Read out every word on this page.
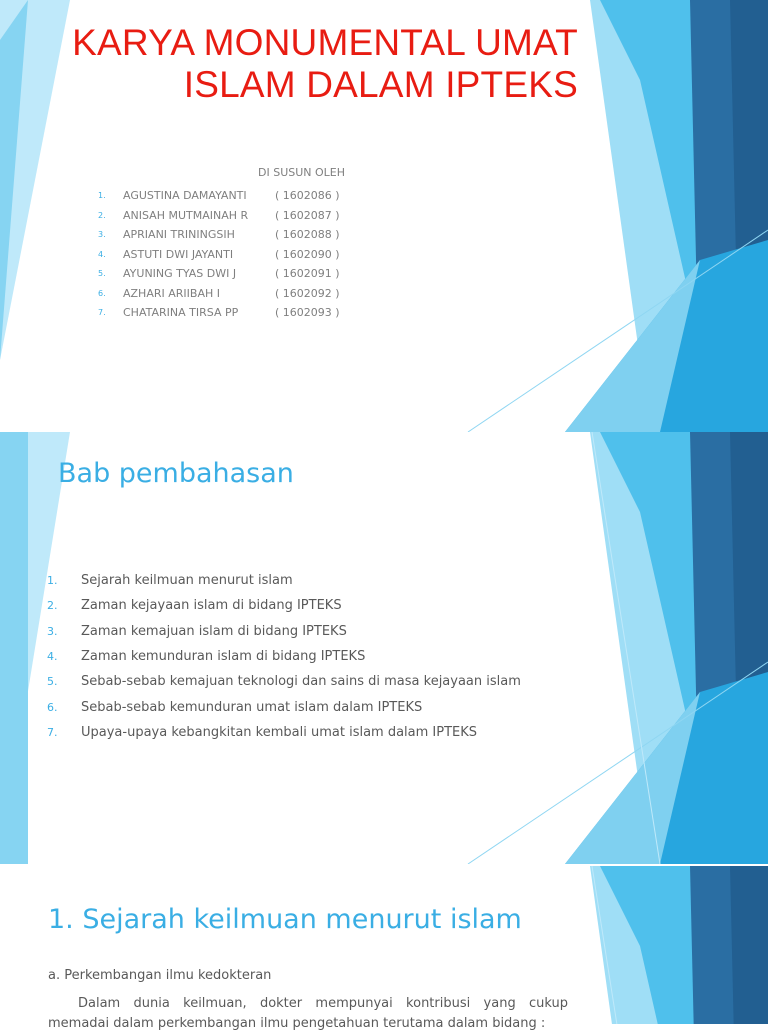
KARYA MONUMENTAL UMAT ISLAM DALAM IPTEKS
DI SUSUN OLEH
1.	AGUSTINA DAMAYANTI	( 1602086 )
2.	ANISAH MUTMAINAH R	( 1602087 )
3.	APRIANI TRININGSIH	( 1602088 )
4.	ASTUTI DWI JAYANTI	( 1602090 )
5.	AYUNING TYAS DWI J	( 1602091 )
6.	AZHARI ARIIBAH I	( 1602092 )
7.	CHATARINA TIRSA PP	( 1602093 )
Bab pembahasan
1.	Sejarah keilmuan menurut islam
2.	Zaman kejayaan islam di bidang IPTEKS
3.	Zaman kemajuan islam di bidang IPTEKS
4.	Zaman kemunduran islam di bidang IPTEKS
5.	Sebab-sebab kemajuan teknologi dan sains di masa kejayaan islam
6.	Sebab-sebab kemunduran umat islam dalam IPTEKS
7.	Upaya-upaya kebangkitan kembali umat islam dalam IPTEKS
1. Sejarah keilmuan menurut islam
a. Perkembangan ilmu kedokteran
Dalam dunia keilmuan, dokter mempunyai kontribusi yang cukup memadai dalam perkembangan ilmu pengetahuan terutama dalam bidang :
